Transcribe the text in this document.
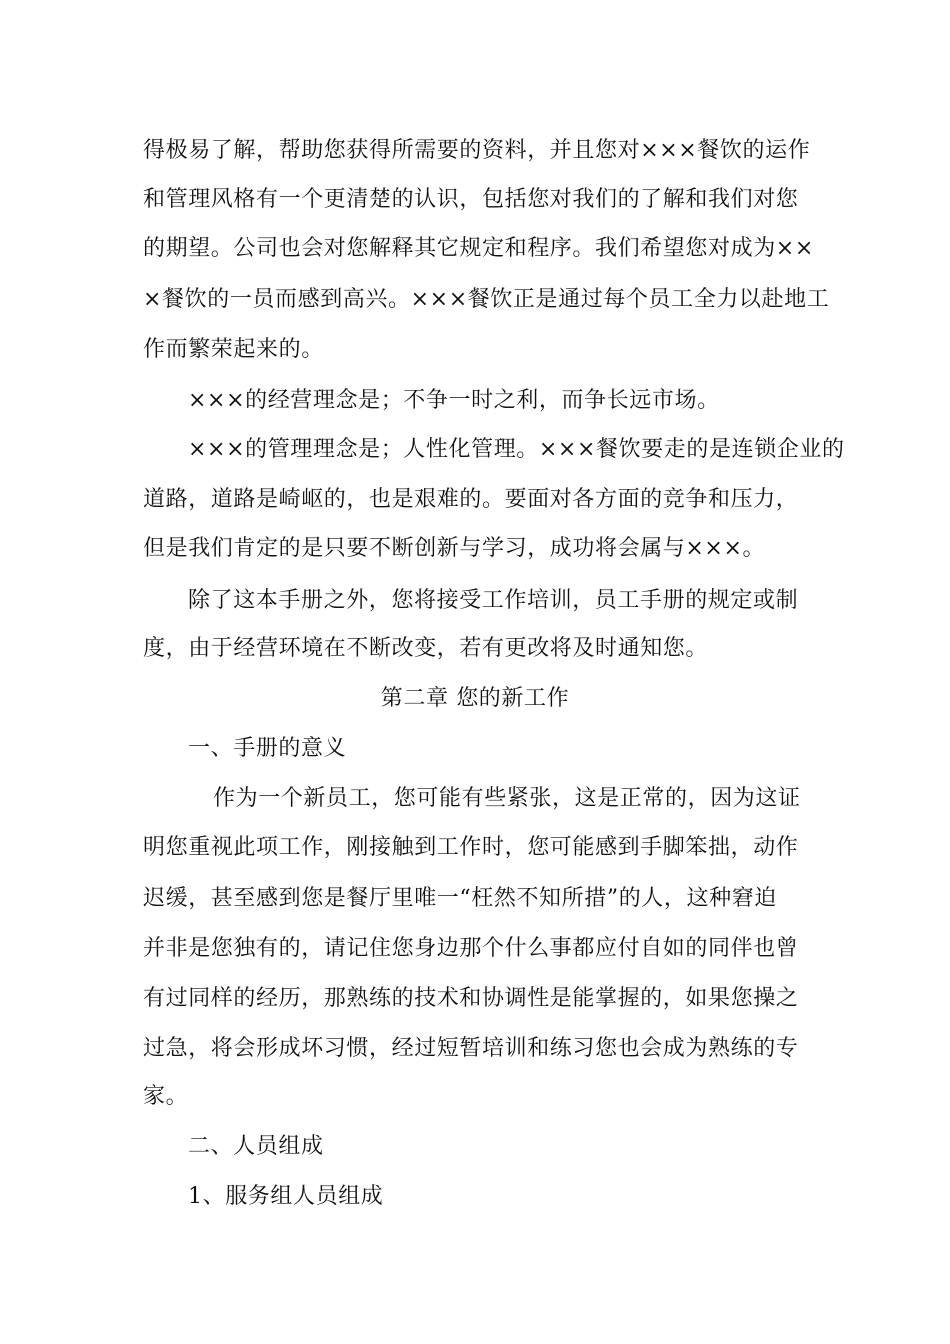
得极易了解，帮助您获得所需要的资料，并且您对×××餐饮的运作
和管理风格有一个更清楚的认识，包括您对我们的了解和我们对您
的期望。公司也会对您解释其它规定和程序。我们希望您对成为××
×餐饮的一员而感到高兴。×××餐饮正是通过每个员工全力以赴地工
作而繁荣起来的。
×××的经营理念是；不争一时之利，而争长远市场。
×××的管理理念是；人性化管理。×××餐饮要走的是连锁企业的
道路，道路是崎岖的，也是艰难的。要面对各方面的竞争和压力，
但是我们肯定的是只要不断创新与学习，成功将会属与×××。
除了这本手册之外，您将接受工作培训，员工手册的规定或制
度，由于经营环境在不断改变，若有更改将及时通知您。
第二章 您的新工作
一、手册的意义
作为一个新员工，您可能有些紧张，这是正常的，因为这证
明您重视此项工作，刚接触到工作时，您可能感到手脚笨拙，动作
迟缓，甚至感到您是餐厅里唯一“枉然不知所措”的人，这种窘迫
并非是您独有的，请记住您身边那个什么事都应付自如的同伴也曾
有过同样的经历，那熟练的技术和协调性是能掌握的，如果您操之
过急，将会形成坏习惯，经过短暂培训和练习您也会成为熟练的专
家。
二、人员组成
1、服务组人员组成
